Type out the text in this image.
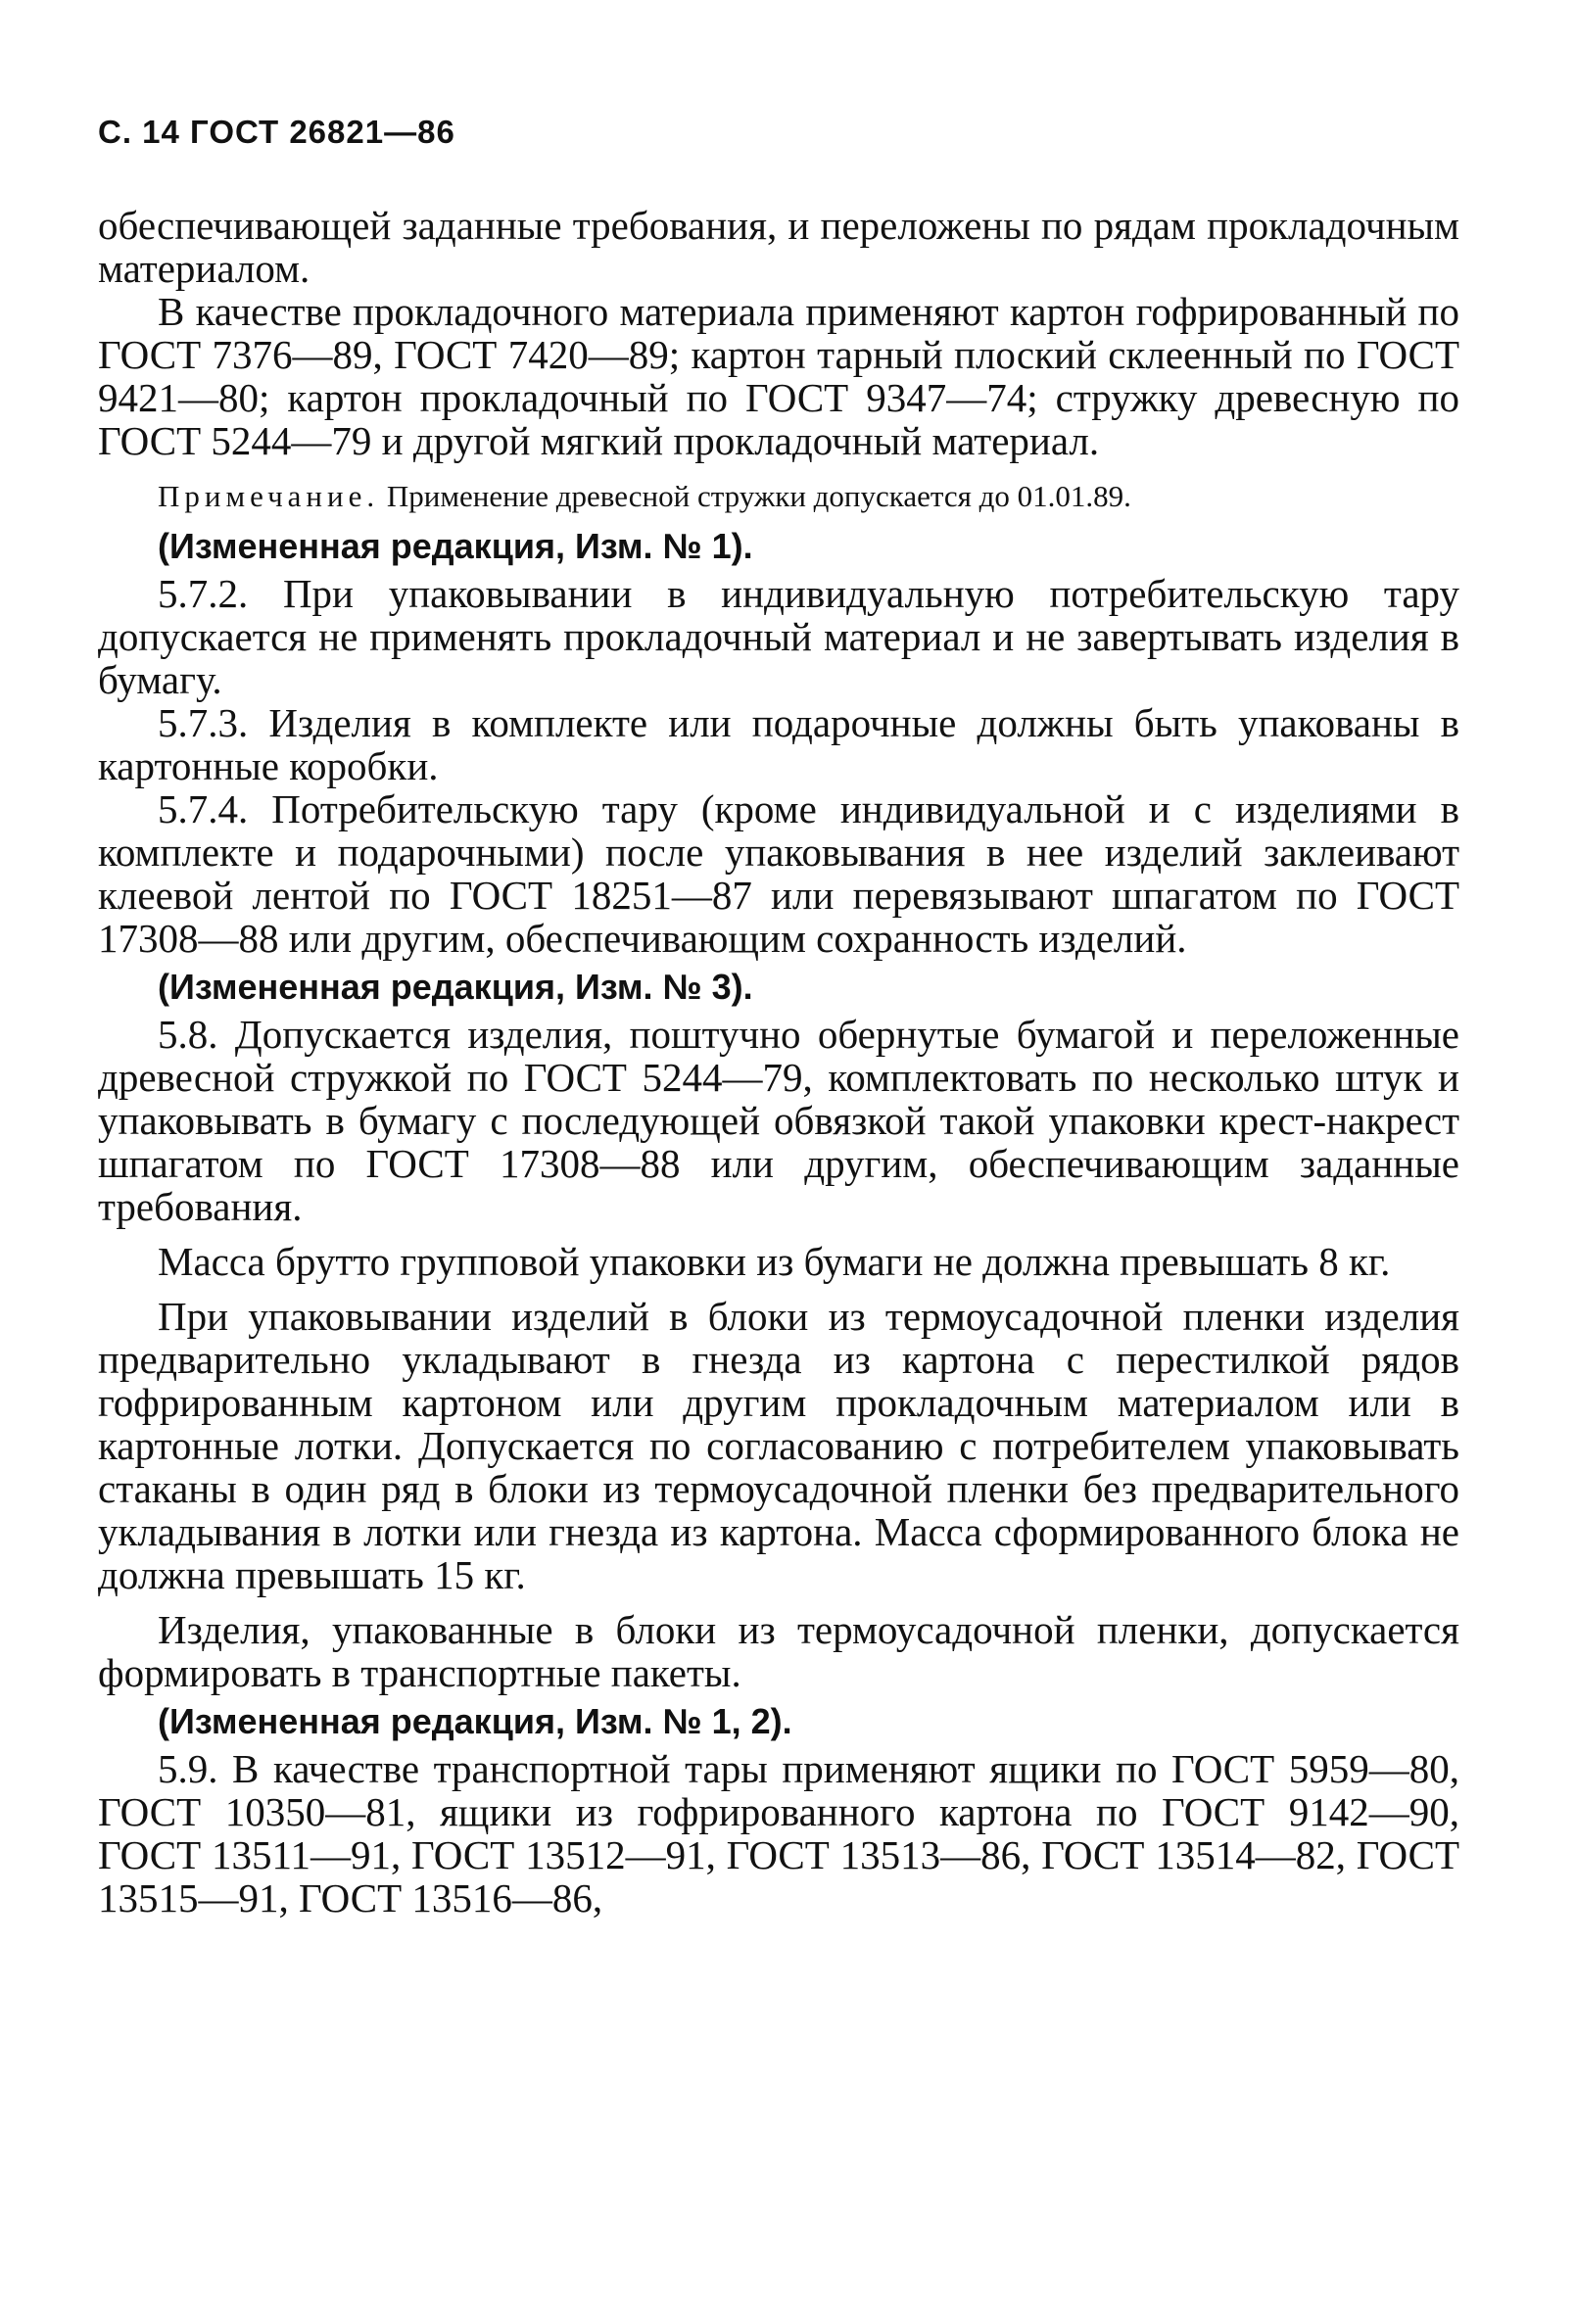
С. 14 ГОСТ 26821—86

обеспечивающей заданные требования, и переложены по рядам прокладочным материалом.

В качестве прокладочного материала применяют картон гофрированный по ГОСТ 7376—89, ГОСТ 7420—89; картон тарный плоский склеенный по ГОСТ 9421—80; картон прокладочный по ГОСТ 9347—74; стружку древесную по ГОСТ 5244—79 и другой мягкий прокладочный материал.

Примечание. Применение древесной стружки допускается до 01.01.89.

(Измененная редакция, Изм. № 1).

5.7.2. При упаковывании в индивидуальную потребительскую тару допускается не применять прокладочный материал и не завертывать изделия в бумагу.

5.7.3. Изделия в комплекте или подарочные должны быть упакованы в картонные коробки.

5.7.4. Потребительскую тару (кроме индивидуальной и с изделиями в комплекте и подарочными) после упаковывания в нее изделий заклеивают клеевой лентой по ГОСТ 18251—87 или перевязывают шпагатом по ГОСТ 17308—88 или другим, обеспечивающим сохранность изделий.

(Измененная редакция, Изм. № 3).

5.8. Допускается изделия, поштучно обернутые бумагой и переложенные древесной стружкой по ГОСТ 5244—79, комплектовать по несколько штук и упаковывать в бумагу с последующей обвязкой такой упаковки крест-накрест шпагатом по ГОСТ 17308—88 или другим, обеспечивающим заданные требования.

Масса брутто групповой упаковки из бумаги не должна превышать 8 кг.

При упаковывании изделий в блоки из термоусадочной пленки изделия предварительно укладывают в гнезда из картона с перестилкой рядов гофрированным картоном или другим прокладочным материалом или в картонные лотки. Допускается по согласованию с потребителем упаковывать стаканы в один ряд в блоки из термоусадочной пленки без предварительного укладывания в лотки или гнезда из картона. Масса сформированного блока не должна превышать 15 кг.

Изделия, упакованные в блоки из термоусадочной пленки, допускается формировать в транспортные пакеты.

(Измененная редакция, Изм. № 1, 2).

5.9. В качестве транспортной тары применяют ящики по ГОСТ 5959—80, ГОСТ 10350—81, ящики из гофрированного картона по ГОСТ 9142—90, ГОСТ 13511—91, ГОСТ 13512—91, ГОСТ 13513—86, ГОСТ 13514—82, ГОСТ 13515—91, ГОСТ 13516—86,
